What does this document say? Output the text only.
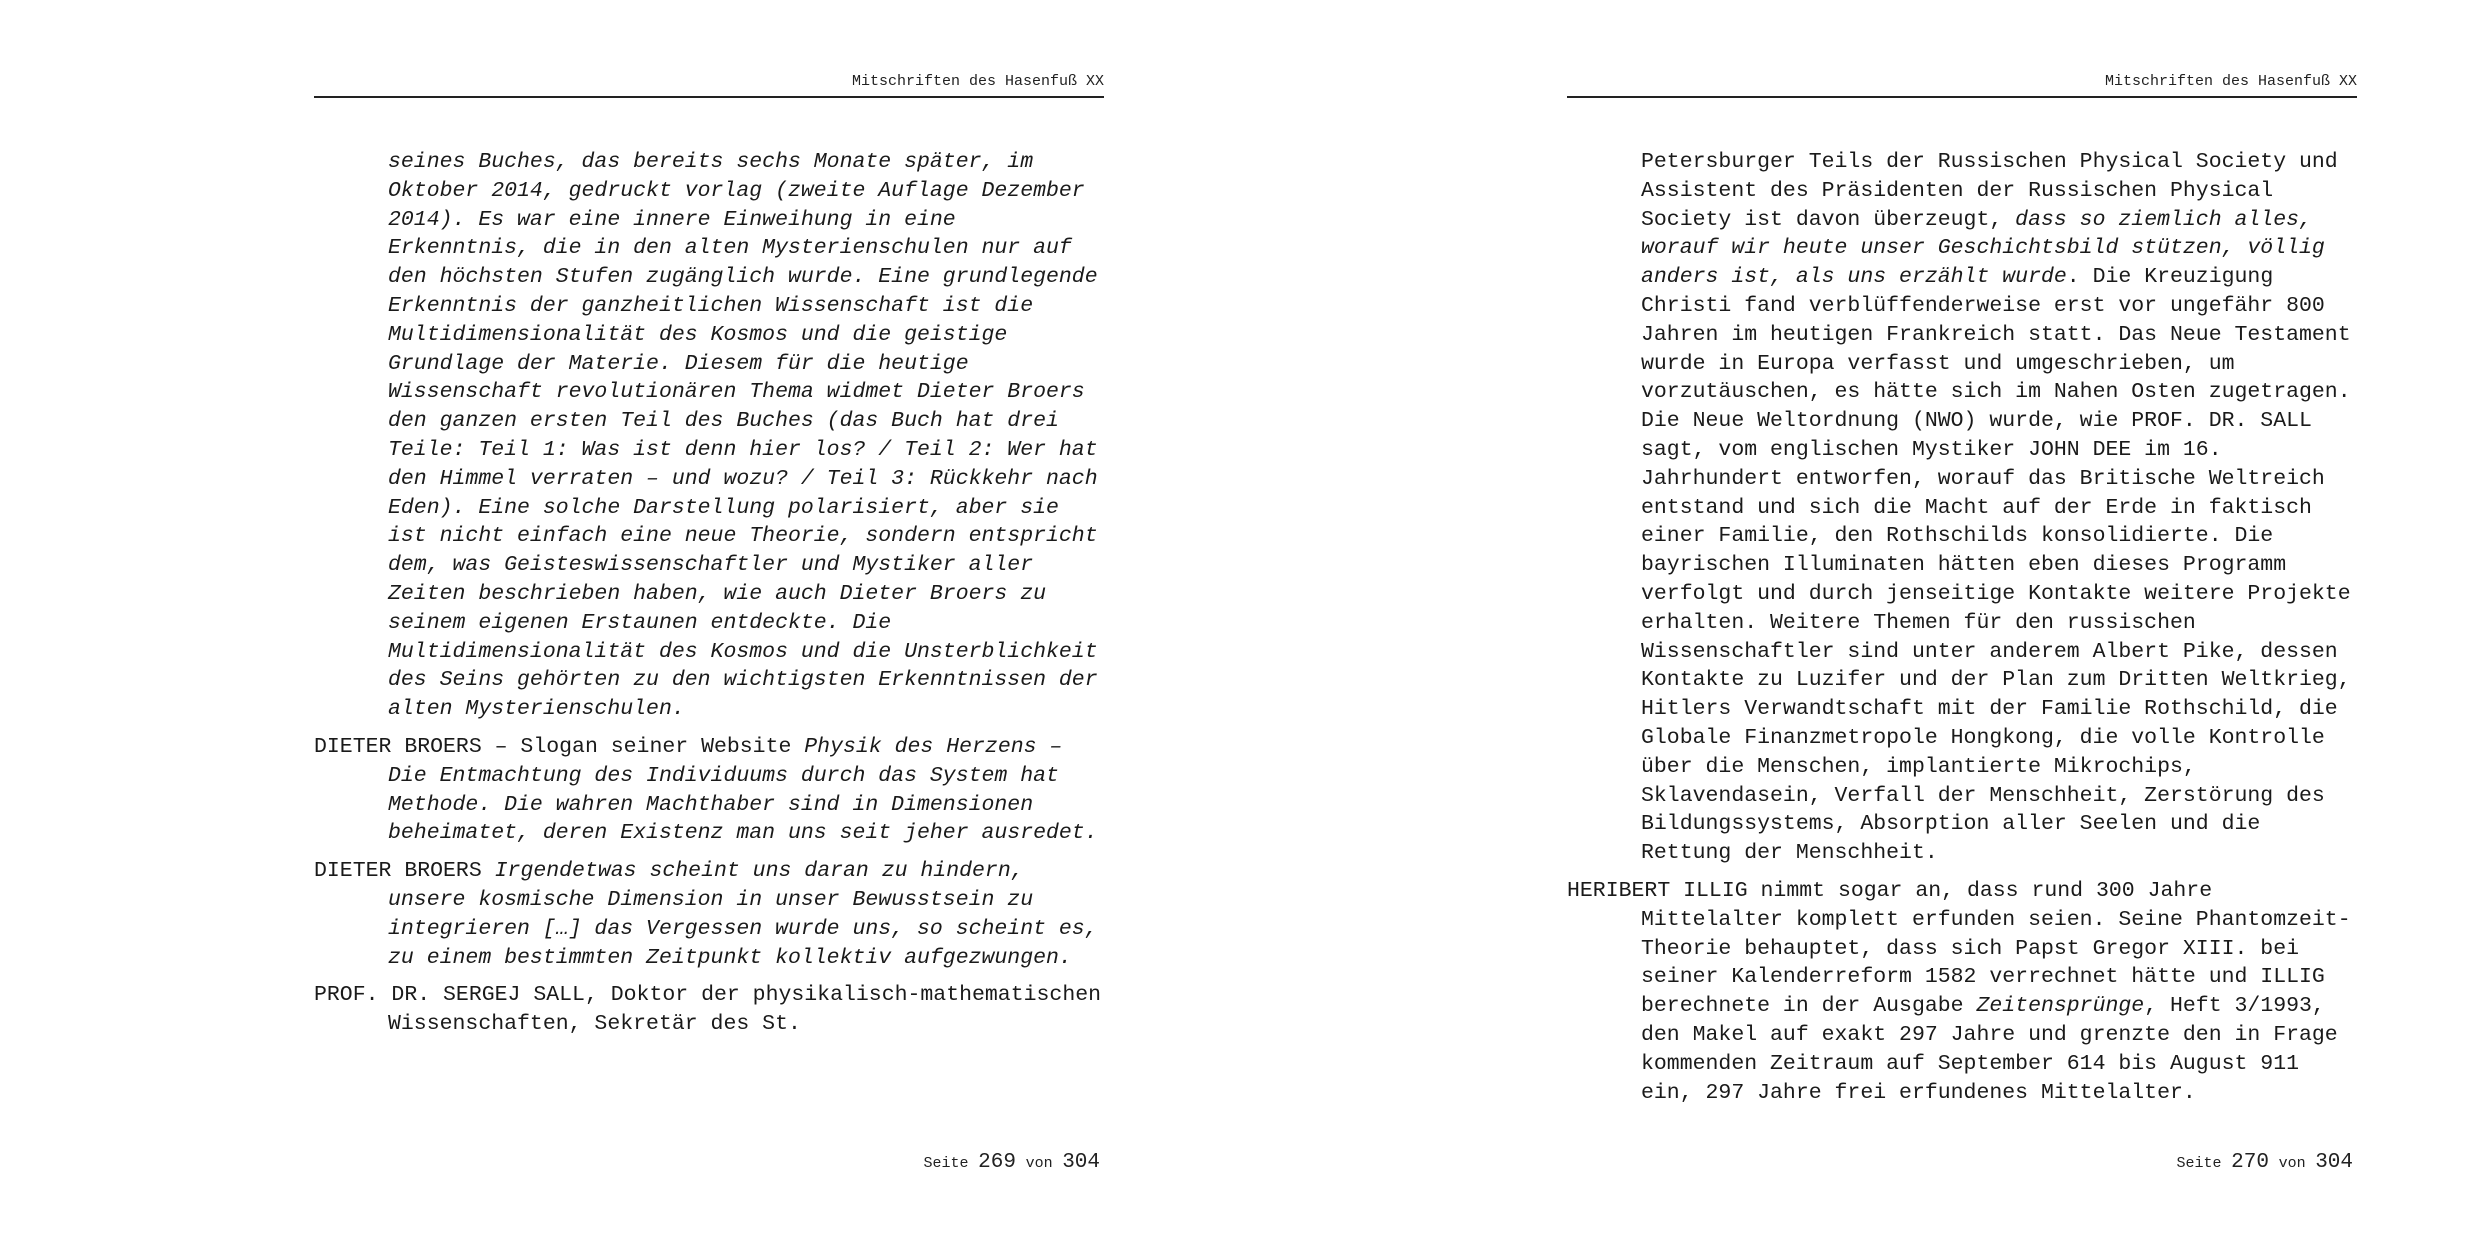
Mitschriften des Hasenfuß XX

seines Buches, das bereits sechs Monate später, im Oktober 2014, gedruckt vorlag (zweite Auflage Dezember 2014). Es war eine innere Einweihung in eine Erkenntnis, die in den alten Mysterienschulen nur auf den höchsten Stufen zugänglich wurde. Eine grundlegende Erkenntnis der ganzheitlichen Wissenschaft ist die Multidimensionalität des Kosmos und die geistige Grundlage der Materie. Diesem für die heutige Wissenschaft revolutionären Thema widmet Dieter Broers den ganzen ersten Teil des Buches (das Buch hat drei Teile: Teil 1: Was ist denn hier los? / Teil 2: Wer hat den Himmel verraten – und wozu? / Teil 3: Rückkehr nach Eden). Eine solche Darstellung polarisiert, aber sie ist nicht einfach eine neue Theorie, sondern entspricht dem, was Geisteswissenschaftler und Mystiker aller Zeiten beschrieben haben, wie auch Dieter Broers zu seinem eigenen Erstaunen entdeckte. Die Multidimensionalität des Kosmos und die Unsterblichkeit des Seins gehörten zu den wichtigsten Erkenntnissen der alten Mysterienschulen.

DIETER BROERS – Slogan seiner Website Physik des Herzens – Die Entmachtung des Individuums durch das System hat Methode. Die wahren Machthaber sind in Dimensionen beheimatet, deren Existenz man uns seit jeher ausredet.

DIETER BROERS Irgendetwas scheint uns daran zu hindern, unsere kosmische Dimension in unser Bewusstsein zu integrieren […] das Vergessen wurde uns, so scheint es, zu einem bestimmten Zeitpunkt kollektiv aufgezwungen.

PROF. DR. SERGEJ SALL, Doktor der physikalisch-mathematischen Wissenschaften, Sekretär des St.

Seite 269 von 304
Mitschriften des Hasenfuß XX

Petersburger Teils der Russischen Physical Society und Assistent des Präsidenten der Russischen Physical Society ist davon überzeugt, dass so ziemlich alles, worauf wir heute unser Geschichtsbild stützen, völlig anders ist, als uns erzählt wurde. Die Kreuzigung Christi fand verblüffenderweise erst vor ungefähr 800 Jahren im heutigen Frankreich statt. Das Neue Testament wurde in Europa verfasst und umgeschrieben, um vorzutäuschen, es hätte sich im Nahen Osten zugetragen. Die Neue Weltordnung (NWO) wurde, wie PROF. DR. SALL sagt, vom englischen Mystiker JOHN DEE im 16. Jahrhundert entworfen, worauf das Britische Weltreich entstand und sich die Macht auf der Erde in faktisch einer Familie, den Rothschilds konsolidierte. Die bayrischen Illuminaten hätten eben dieses Programm verfolgt und durch jenseitige Kontakte weitere Projekte erhalten. Weitere Themen für den russischen Wissenschaftler sind unter anderem Albert Pike, dessen Kontakte zu Luzifer und der Plan zum Dritten Weltkrieg, Hitlers Verwandtschaft mit der Familie Rothschild, die Globale Finanzmetropole Hongkong, die volle Kontrolle über die Menschen, implantierte Mikrochips, Sklavendasein, Verfall der Menschheit, Zerstörung des Bildungssystems, Absorption aller Seelen und die Rettung der Menschheit.

HERIBERT ILLIG nimmt sogar an, dass rund 300 Jahre Mittelalter komplett erfunden seien. Seine Phantomzeit-Theorie behauptet, dass sich Papst Gregor XIII. bei seiner Kalenderreform 1582 verrechnet hätte und ILLIG berechnete in der Ausgabe Zeitensprünge, Heft 3/1993, den Makel auf exakt 297 Jahre und grenzte den in Frage kommenden Zeitraum auf September 614 bis August 911 ein, 297 Jahre frei erfundenes Mittelalter.

Seite 270 von 304
